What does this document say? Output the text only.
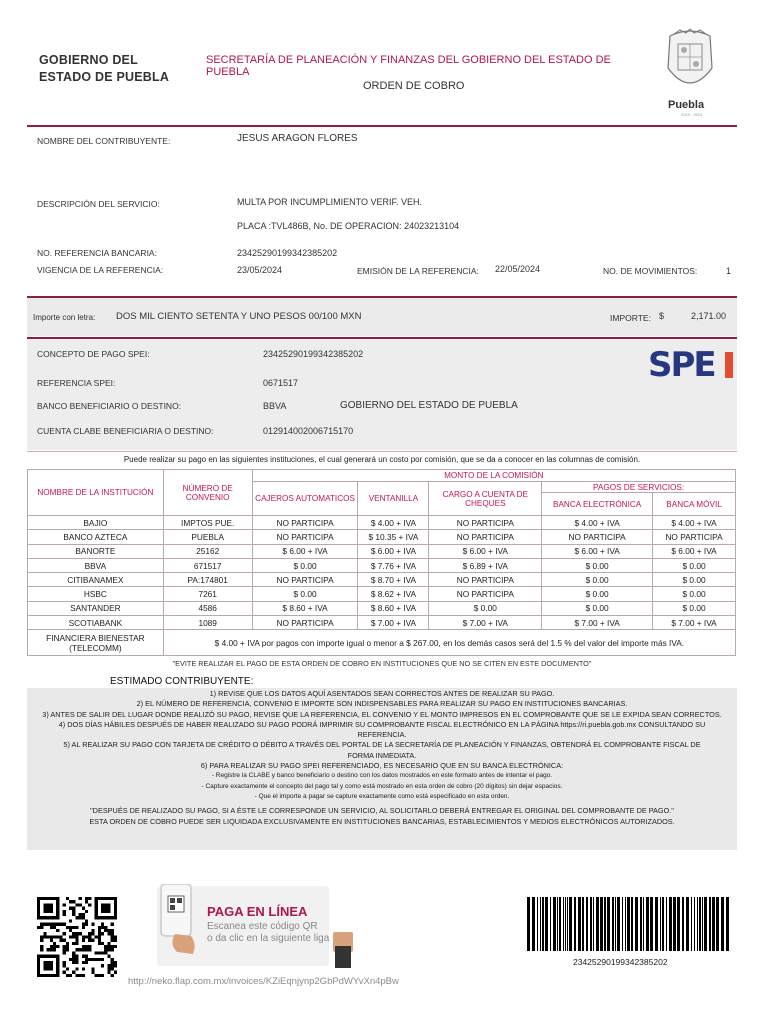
GOBIERNO DEL
ESTADO DE PUEBLA
SECRETARÍA DE PLANEACIÓN Y FINANZAS DEL GOBIERNO DEL ESTADO DE PUEBLA
ORDEN DE COBRO
Puebla
2019 - 2024
NOMBRE DEL CONTRIBUYENTE:	JESUS ARAGON FLORES
DESCRIPCIÓN DEL SERVICIO:	MULTA POR INCUMPLIMIENTO VERIF. VEH.
PLACA :TVL486B, No. DE OPERACION: 24023213104
NO. REFERENCIA BANCARIA:	23425290199342385202
VIGENCIA DE LA REFERENCIA:	23/05/2024	EMISIÓN DE LA REFERENCIA: 22/05/2024	NO. DE MOVIMIENTOS:	1
Importe con letra: DOS MIL CIENTO SETENTA Y UNO PESOS 00/100 MXN	IMPORTE: $	2,171.00
CONCEPTO DE PAGO SPEI:	23425290199342385202
REFERENCIA SPEI:	0671517
BANCO BENEFICIARIO O DESTINO:	BBVA	GOBIERNO DEL ESTADO DE PUEBLA
CUENTA CLABE BENEFICIARIA O DESTINO:	012914002006715170
SPE
Puede realizar su pago en las siguientes instituciones, el cual generará un costo por comisión, que se da a conocer en las columnas de comisión.
NOMBRE DE LA INSTITUCIÓN	NÚMERO DE CONVENIO	MONTO DE LA COMISIÓN				
		CAJEROS AUTOMATICOS	VENTANILLA	CARGO A CUENTA DE CHEQUES	PAGOS DE SERVICIOS:	
					BANCA ELECTRÓNICA	BANCA MÓVIL
BAJIO	IMPTOS PUE.	NO PARTICIPA	$ 4.00 + IVA	NO PARTICIPA	$ 4.00 + IVA	$ 4.00 + IVA
BANCO AZTECA	PUEBLA	NO PARTICIPA	$ 10.35 + IVA	NO PARTICIPA	NO PARTICIPA	NO PARTICIPA
BANORTE	25162	$ 6.00 + IVA	$ 6.00 + IVA	$ 6.00 + IVA	$ 6.00 + IVA	$ 6.00 + IVA
BBVA	671517	$ 0.00	$ 7.76 + IVA	$ 6.89 + IVA	$ 0.00	$ 0.00
CITIBANAMEX	PA:174801	NO PARTICIPA	$ 8.70 + IVA	NO PARTICIPA	$ 0.00	$ 0.00
HSBC	7261	$ 0.00	$ 8.62 + IVA	NO PARTICIPA	$ 0.00	$ 0.00
SANTANDER	4586	$ 8.60 + IVA	$ 8.60 + IVA	$ 0.00	$ 0.00	$ 0.00
SCOTIABANK	1089	NO PARTICIPA	$ 7.00 + IVA	$ 7.00 + IVA	$ 7.00 + IVA	$ 7.00 + IVA
FINANCIERA BIENESTAR (TELECOMM)	$ 4.00 + IVA por pagos con importe igual o menor a $ 267.00, en los demás casos será del 1.5 % del valor del importe más IVA.					
"EVITE REALIZAR EL PAGO DE ESTA ORDEN DE COBRO EN INSTITUCIONES QUE NO SE CITEN EN ESTE DOCUMENTO"
ESTIMADO CONTRIBUYENTE:

1) REVISE QUE LOS DATOS AQUÍ ASENTADOS SEAN CORRECTOS ANTES DE REALIZAR SU PAGO.

2) EL NÚMERO DE REFERENCIA, CONVENIO E IMPORTE SON INDISPENSABLES PARA REALIZAR SU PAGO EN INSTITUCIONES BANCARIAS.

3) ANTES DE SALIR DEL LUGAR DONDE REALIZÓ SU PAGO, REVISE QUE LA REFERENCIA, EL CONVENIO Y EL MONTO IMPRESOS EN EL COMPROBANTE QUE SE LE EXPIDA SEAN CORRECTOS.

4) DOS DÍAS HÁBILES DESPUÉS DE HABER REALIZADO SU PAGO PODRÁ IMPRIMIR SU COMPROBANTE FISCAL ELECTRÓNICO EN LA PÁGINA https://ri.puebla.gob.mx CONSULTANDO SU REFERENCIA.

5) AL REALIZAR SU PAGO CON TARJETA DE CRÉDITO O DÉBITO A TRAVÉS DEL PORTAL DE LA SECRETARÍA DE PLANEACIÓN Y FINANZAS, OBTENDRÁ EL COMPROBANTE FISCAL DE FORMA INMEDIATA.

6) PARA REALIZAR SU PAGO SPEI REFERENCIADO, ES NECESARIO QUE EN SU BANCA ELECTRÓNICA:

- Registre la CLABE y banco beneficiario o destino con los datos mostrados en este formato antes de intentar el pago.

- Capture exactamente el concepto del pago tal y como está mostrado en esta orden de cobro (20 dígitos) sin dejar espacios.

- Que el importe a pagar se capture exactamente como está especificado en esta orden.

"DESPUÉS DE REALIZADO SU PAGO, SI A ÉSTE LE CORRESPONDE UN SERVICIO, AL SOLICITARLO DEBERÁ ENTREGAR EL ORIGINAL DEL COMPROBANTE DE PAGO."

ESTA ORDEN DE COBRO PUEDE SER LIQUIDADA EXCLUSIVAMENTE EN INSTITUCIONES BANCARIAS, ESTABLECIMIENTOS Y MEDIOS ELECTRÓNICOS AUTORIZADOS.

PAGA EN LÍNEA
Escanea este código QR
o da clic en la siguiente liga
http://neko.flap.com.mx/invoices/KZiEqnjynp2GbPdWYvXn4pBw
23425290199342385202
